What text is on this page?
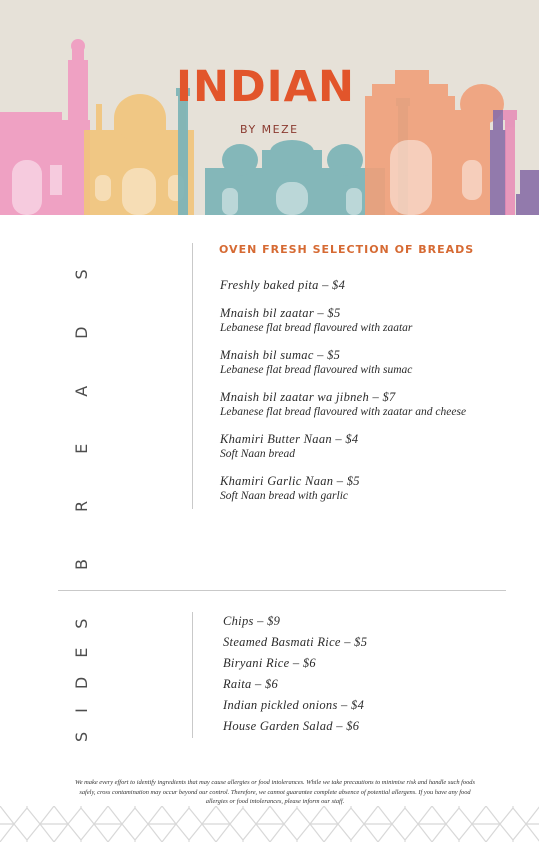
INDIAN
BY MEZE
BREADS	OVEN FRESH SELECTION OF BREADS
Freshly baked pita – $4
Mnaish bil zaatar – $5
Lebanese flat bread flavoured with zaatar
Mnaish bil sumac – $5
Lebanese flat bread flavoured with sumac
Mnaish bil zaatar wa jibneh – $7
Lebanese flat bread flavoured with zaatar and cheese
Khamiri Butter Naan – $4
Soft Naan bread
Khamiri Garlic Naan – $5
Soft Naan bread with garlic
SIDES	Chips – $9
Steamed Basmati Rice – $5
Biryani Rice – $6
Raita – $6
Indian pickled onions – $4
House Garden Salad – $6
We make every effort to identify ingredients that may cause allergies or food intolerances. While we take precautions to minimise risk and handle such foods safely, cross contamination may occur beyond our control. Therefore, we cannot guarantee complete absence of potential allergens. If you have any food allergies or food intolerances, please inform our staff.
